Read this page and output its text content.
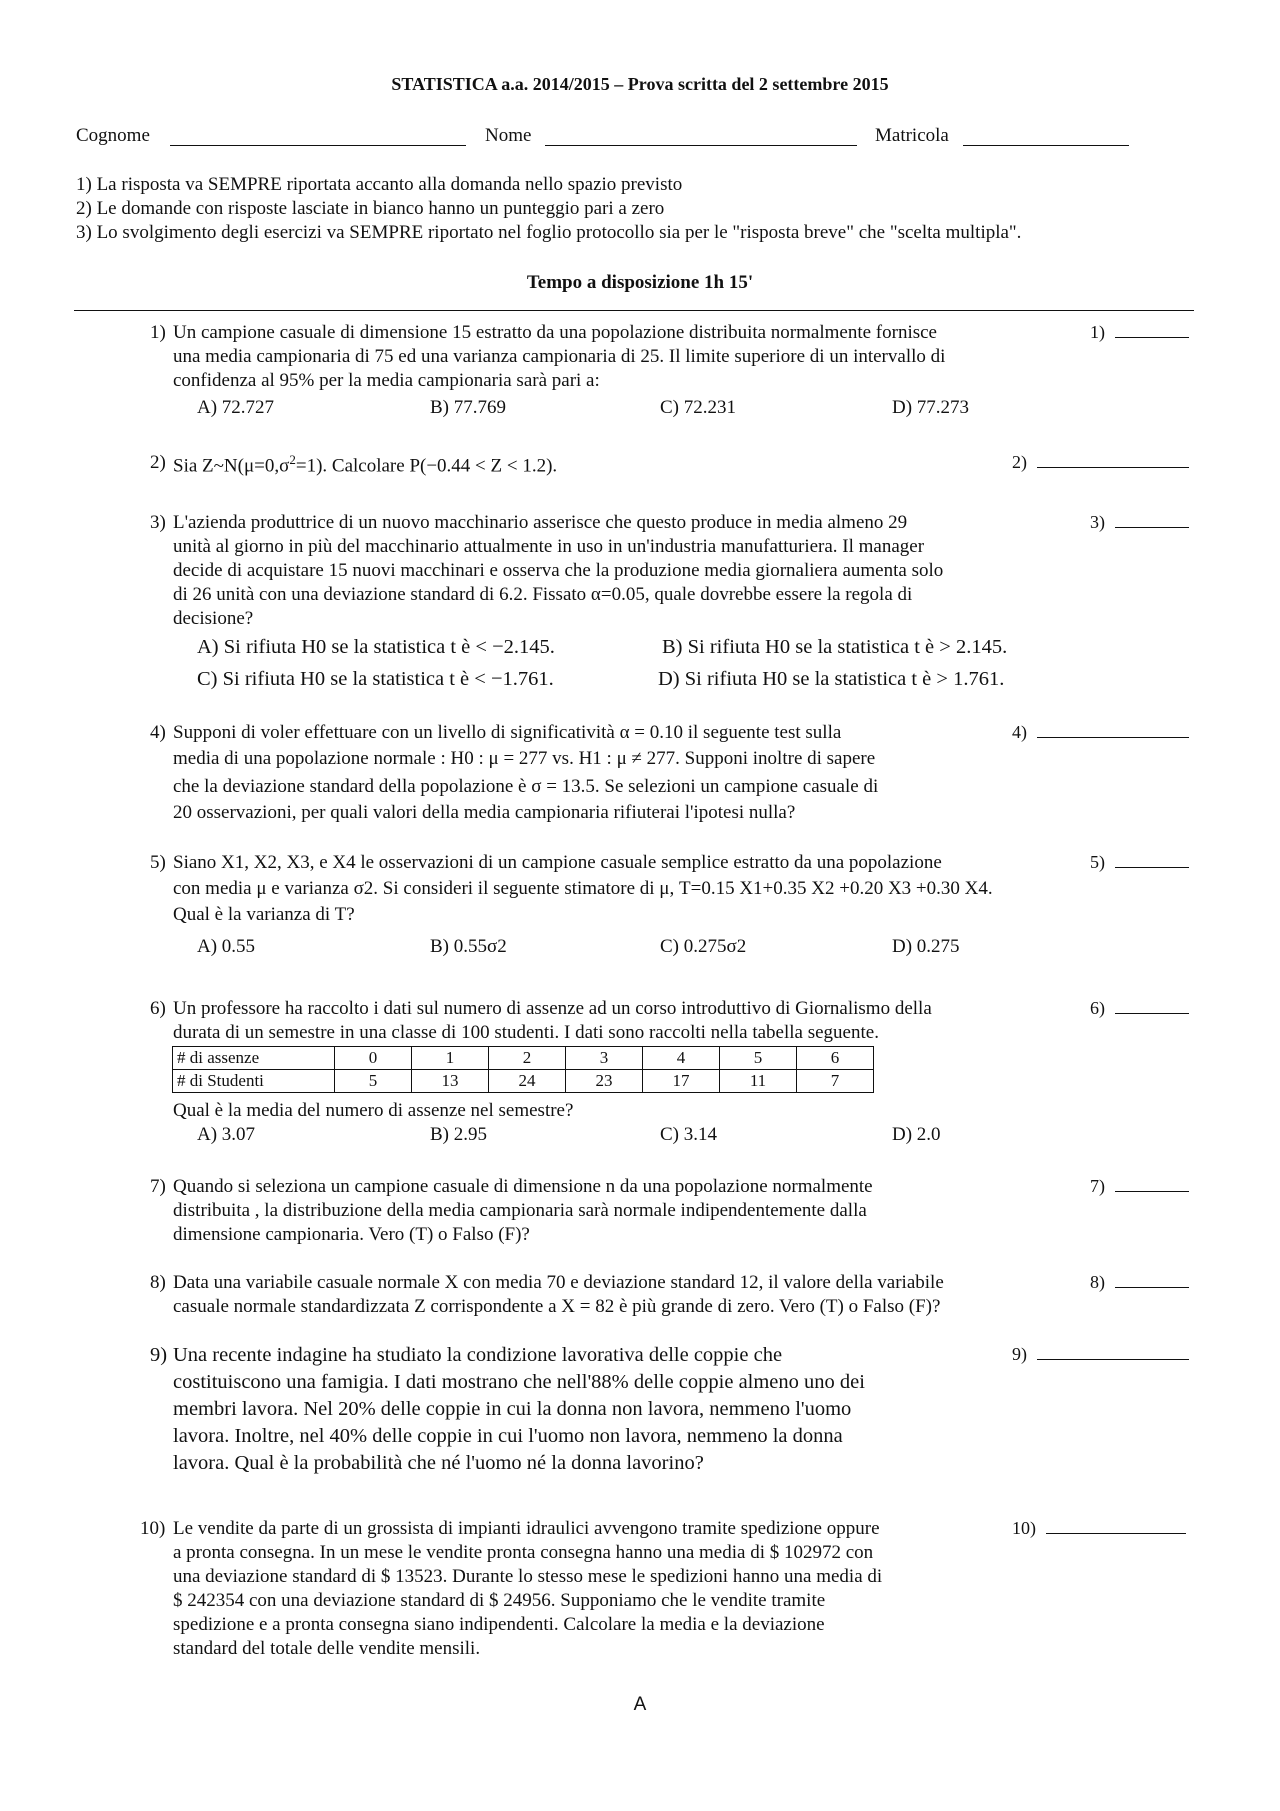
STATISTICA a.a. 2014/2015 – Prova scritta del 2 settembre 2015
Cognome	Nome	Matricola
1) La risposta va SEMPRE riportata accanto alla domanda nello spazio previsto
2) Le domande con risposte lasciate in bianco hanno un punteggio pari a zero
3) Lo svolgimento degli esercizi va SEMPRE riportato nel foglio protocollo sia per le "risposta breve" che "scelta multipla".
Tempo a disposizione 1h 15'
1) Un campione casuale di dimensione 15 estratto da una popolazione distribuita normalmente fornisce
una media campionaria di 75 ed una varianza campionaria di 25. Il limite superiore di un intervallo di
confidenza al 95% per la media campionaria sarà pari a:
A) 72.727	B) 77.769	C) 72.231	D) 77.273
1)
2) Sia $Z\sim N(\mu=0,\sigma^2=1)$. Calcolare P(−0.44 < Z < 1.2).	2)
3) L'azienda produttrice di un nuovo macchinario asserisce che questo produce in media almeno 29
unità al giorno in più del macchinario attualmente in uso in un'industria manufatturiera. Il manager
decide di acquistare 15 nuovi macchinari e osserva che la produzione media giornaliera aumenta solo
di 26 unità con una deviazione standard di 6.2. Fissato α=0.05, quale dovrebbe essere la regola di
decisione?
A) Si rifiuta H0 se la statistica t è < −2.145.	B) Si rifiuta H0 se la statistica t è > 2.145.
C) Si rifiuta H0 se la statistica t è < −1.761.	D) Si rifiuta H0 se la statistica t è > 1.761.
3)
4) Supponi di voler effettuare con un livello di significatività α = 0.10 il seguente test sulla
media di una popolazione normale : H0 : μ = 277 vs. H1 : μ ≠ 277. Supponi inoltre di sapere
che la deviazione standard della popolazione è σ = 13.5. Se selezioni un campione casuale di
20 osservazioni, per quali valori della media campionaria rifiuterai l'ipotesi nulla?
4)
5) Siano X1, X2, X3, e X4 le osservazioni di un campione casuale semplice estratto da una popolazione
con media μ e varianza σ2. Si consideri il seguente stimatore di μ, T=0.15 X1+0.35 X2 +0.20 X3 +0.30 X4.
Qual è la varianza di T?
A) 0.55	B) 0.55σ2	C) 0.275σ2	D) 0.275
5)
6) Un professore ha raccolto i dati sul numero di assenze ad un corso introduttivo di Giornalismo della
durata di un semestre in una classe di 100 studenti. I dati sono raccolti nella tabella seguente.
# di assenze	0	1	2	3	4	5	6
# di Studenti	5	13	24	23	17	11	7
Qual è la media del numero di assenze nel semestre?
A) 3.07	B) 2.95	C) 3.14	D) 2.0
6)
7) Quando si seleziona un campione casuale di dimensione n da una popolazione normalmente
distribuita , la distribuzione della media campionaria sarà normale indipendentemente dalla
dimensione campionaria. Vero (T) o Falso (F)?
7)
8) Data una variabile casuale normale X con media 70 e deviazione standard 12, il valore della variabile
casuale normale standardizzata Z corrispondente a X = 82 è più grande di zero. Vero (T) o Falso (F)?
8)
9) Una recente indagine ha studiato la condizione lavorativa delle coppie che
costituiscono una famigia. I dati mostrano che nell'88% delle coppie almeno uno dei
membri lavora. Nel 20% delle coppie in cui la donna non lavora, nemmeno l'uomo
lavora. Inoltre, nel 40% delle coppie in cui l'uomo non lavora, nemmeno la donna
lavora. Qual è la probabilità che né l'uomo né la donna lavorino?
9)
10) Le vendite da parte di un grossista di impianti idraulici avvengono tramite spedizione oppure
a pronta consegna. In un mese le vendite pronta consegna hanno una media di $ 102972 con
una deviazione standard di $ 13523. Durante lo stesso mese le spedizioni hanno una media di
$ 242354 con una deviazione standard di $ 24956. Supponiamo che le vendite tramite
spedizione e a pronta consegna siano indipendenti. Calcolare la media e la deviazione
standard del totale delle vendite mensili.
10)
A
